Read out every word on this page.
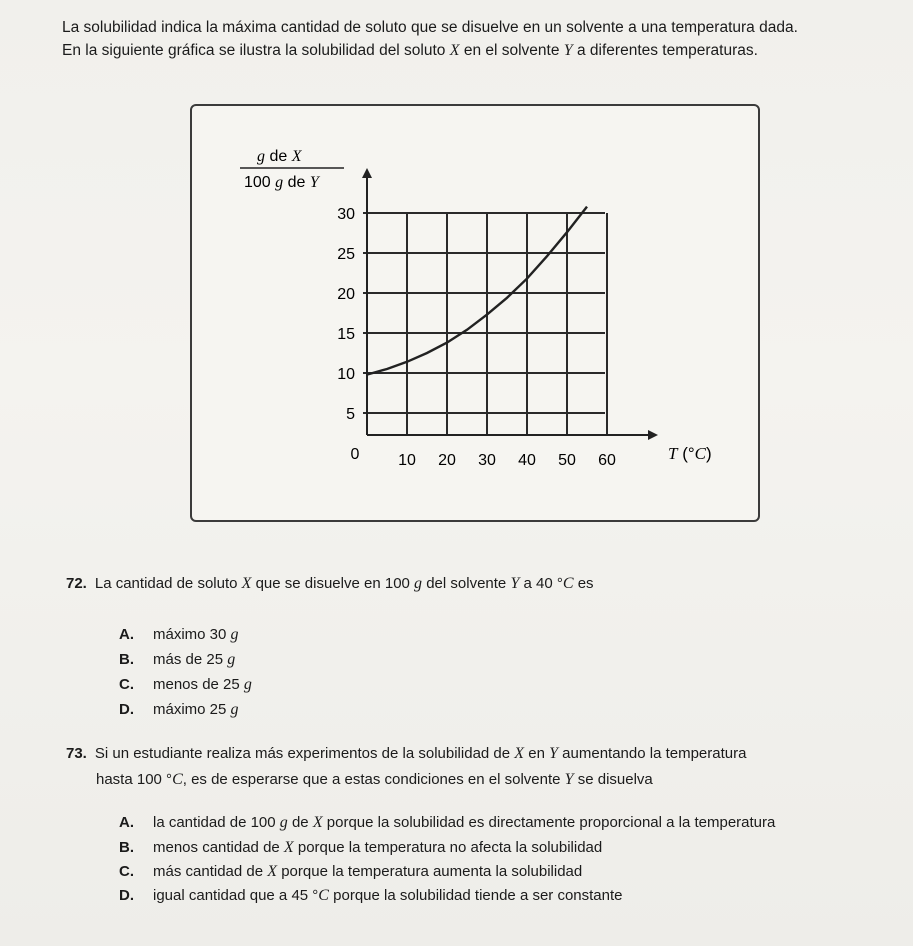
La solubilidad indica la máxima cantidad de soluto que se disuelve en un solvente a una temperatura dada.

En la siguiente gráfica se ilustra la solubilidad del soluto X en el solvente Y a diferentes temperaturas.

g de X
100 g de Y
5
10
15
20
25
30
10 20 30 40 50 60
0	T (°C)
72. La cantidad de soluto X que se disuelve en 100 g del solvente Y a 40 °C es
A. máximo 30 g
B. más de 25 g
C. menos de 25 g
D. máximo 25 g
73. Si un estudiante realiza más experimentos de la solubilidad de X en Y aumentando la temperatura
hasta 100 °C, es de esperarse que a estas condiciones en el solvente Y se disuelva
A. la cantidad de 100 g de X porque la solubilidad es directamente proporcional a la temperatura
B. menos cantidad de X porque la temperatura no afecta la solubilidad
C. más cantidad de X porque la temperatura aumenta la solubilidad
D. igual cantidad que a 45 °C porque la solubilidad tiende a ser constante
